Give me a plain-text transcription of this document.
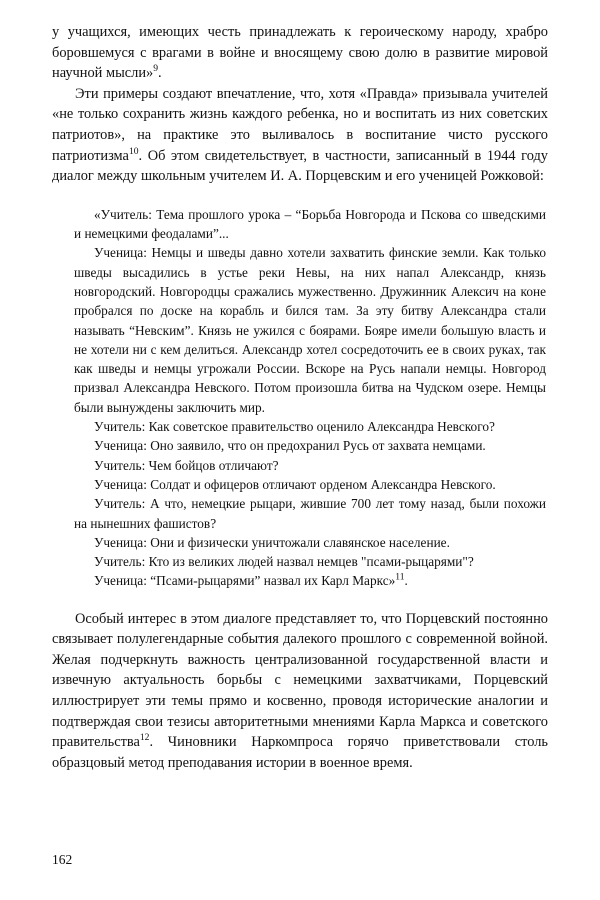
у учащихся, имеющих честь принадлежать к героическому народу, храбро боровшемуся с врагами в войне и вносящему свою долю в развитие мировой научной мысли»$^9$.

Эти примеры создают впечатление, что, хотя «Правда» призывала учителей «не только сохранить жизнь каждого ребенка, но и воспитать из них советских патриотов», на практике это выливалось в воспитание чисто русского патриотизма$^{10}$. Об этом свидетельствует, в частности, записанный в 1944 году диалог между школьным учителем И. А. Порцевским и его ученицей Рожковой:

«Учитель: Тема прошлого урока – “Борьба Новгорода и Пскова со шведскими и немецкими феодалами”...

Ученица: Немцы и шведы давно хотели захватить финские земли. Как только шведы высадились в устье реки Невы, на них напал Александр, князь новгородский. Новгородцы сражались мужественно. Дружинник Алексич на коне пробрался по доске на корабль и бился там. За эту битву Александра стали называть “Невским”. Князь не ужился с боярами. Бояре имели большую власть и не хотели ни с кем делиться. Александр хотел сосредоточить ее в своих руках, так как шведы и немцы угрожали России. Вскоре на Русь напали немцы. Новгород призвал Александра Невского. Потом произошла битва на Чудском озере. Немцы были вынуждены заключить мир.

Учитель: Как советское правительство оценило Александра Невского?

Ученица: Оно заявило, что он предохранил Русь от захвата немцами.

Учитель: Чем бойцов отличают?

Ученица: Солдат и офицеров отличают орденом Александра Невского.

Учитель: А что, немецкие рыцари, жившие 700 лет тому назад, были похожи на нынешних фашистов?

Ученица: Они и физически уничтожали славянское население.

Учитель: Кто из великих людей назвал немцев "псами-рыцарями"?

Ученица: “Псами-рыцарями” назвал их Карл Маркс»$^{11}$.

Особый интерес в этом диалоге представляет то, что Порцевский постоянно связывает полулегендарные события далекого прошлого с современной войной. Желая подчеркнуть важность централизованной государственной власти и извечную актуальность борьбы с немецкими захватчиками, Порцевский иллюстрирует эти темы прямо и косвенно, проводя исторические аналогии и подтверждая свои тезисы авторитетными мнениями Карла Маркса и советского правительства$^{12}$. Чиновники Наркомпроса горячо приветствовали столь образцовый метод преподавания истории в военное время.

162
